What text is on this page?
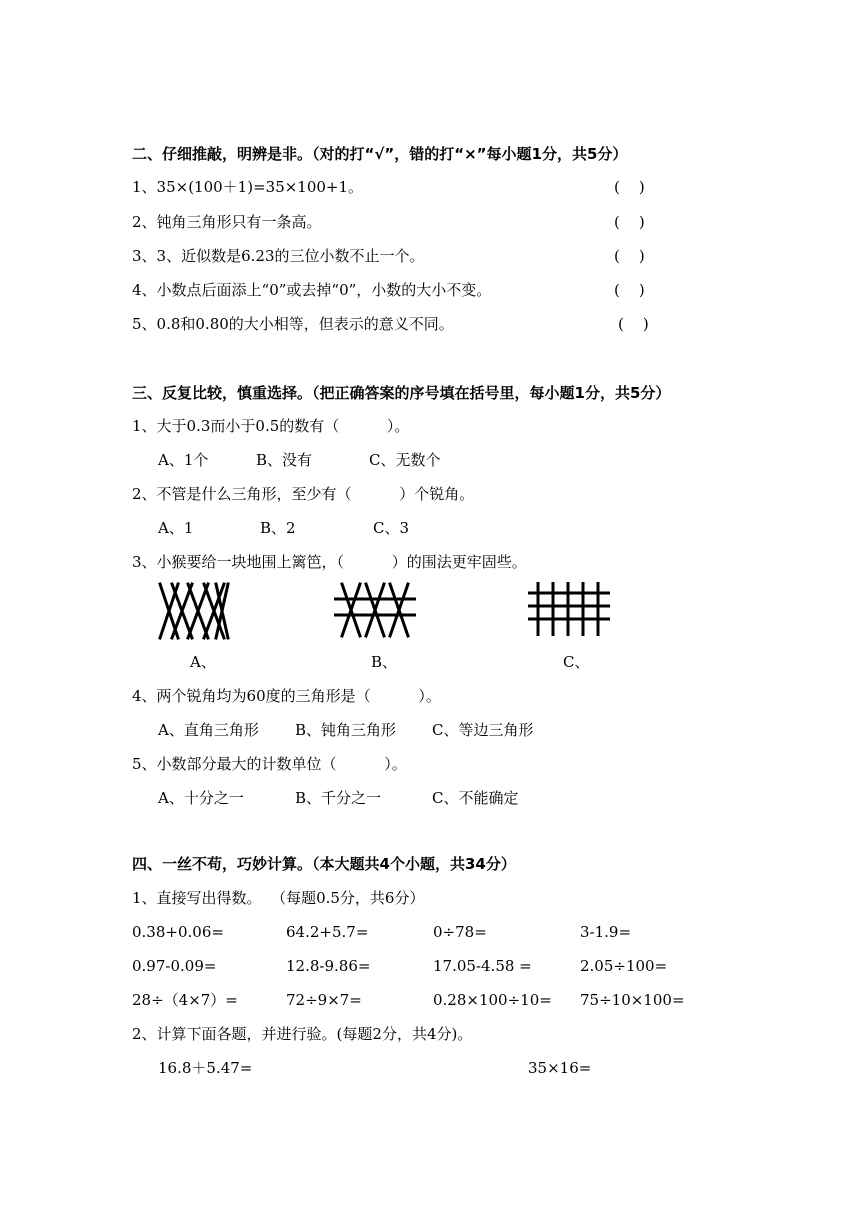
二、仔细推敲，明辨是非。（对的打“√”，错的打“×”每小题1分，共5分）
1、35×(100＋1)=35×100+1。	(    )
2、钝角三角形只有一条高。	(    )
3、3、近似数是6.23的三位小数不止一个。	(    )
4、小数点后面添上“0”或去掉“0”，小数的大小不变。	(    )
5、0.8和0.80的大小相等，但表示的意义不同。	(    )
三、反复比较，慎重选择。（把正确答案的序号填在括号里，每小题1分，共5分）
1、大于0.3而小于0.5的数有（          ）。
A、1个	B、没有	C、无数个
2、不管是什么三角形，至少有（          ）个锐角。
A、1	B、2	C、3
3、小猴要给一块地围上篱笆，（          ）的围法更牢固些。
A、	B、	C、
4、两个锐角均为60度的三角形是（          ）。
A、直角三角形 B、钝角三角形 C、等边三角形
5、小数部分最大的计数单位（          ）。
A、十分之一	B、千分之一	C、不能确定
四、一丝不苟，巧妙计算。（本大题共4个小题，共34分）
1、直接写出得数。  （每题0.5分，共6分）
0.38+0.06=	64.2+5.7=	0÷78=	3-1.9=
0.97-0.09=	12.8-9.86=	17.05-4.58 =	2.05÷100=
28÷（4×7）=	72÷9×7=	0.28×100÷10= 75÷10×100=
2、计算下面各题，并进行验。(每题2分，共4分)。
16.8＋5.47=	35×16=
